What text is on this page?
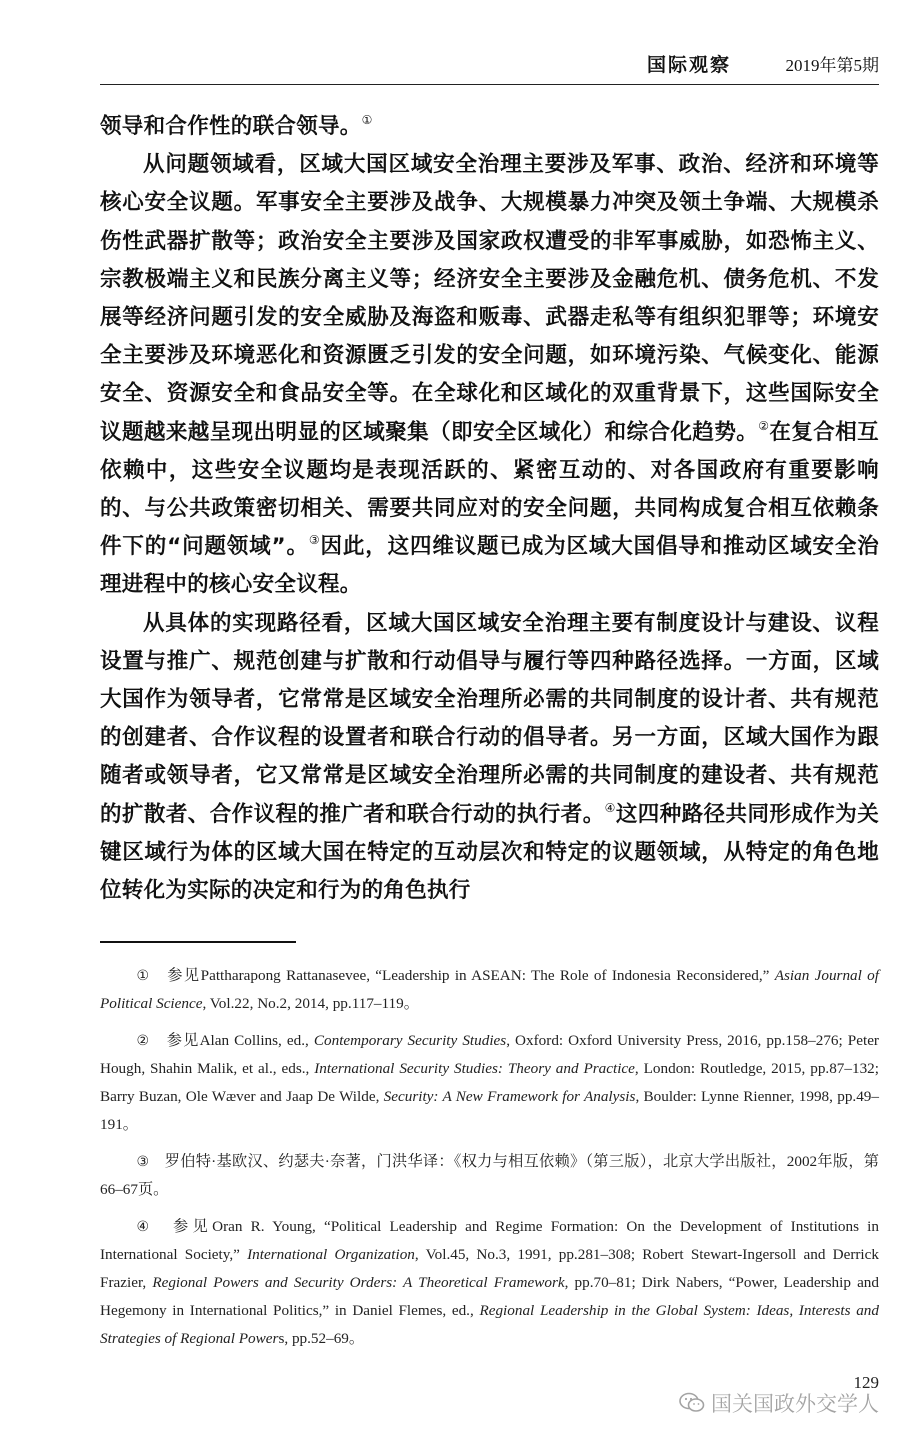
国际观察	2019年第5期

领导和合作性的联合领导。①

从问题领域看，区域大国区域安全治理主要涉及军事、政治、经济和环境等核心安全议题。军事安全主要涉及战争、大规模暴力冲突及领土争端、大规模杀伤性武器扩散等；政治安全主要涉及国家政权遭受的非军事威胁，如恐怖主义、宗教极端主义和民族分离主义等；经济安全主要涉及金融危机、债务危机、不发展等经济问题引发的安全威胁及海盗和贩毒、武器走私等有组织犯罪等；环境安全主要涉及环境恶化和资源匮乏引发的安全问题，如环境污染、气候变化、能源安全、资源安全和食品安全等。在全球化和区域化的双重背景下，这些国际安全议题越来越呈现出明显的区域聚集（即安全区域化）和综合化趋势。②在复合相互依赖中，这些安全议题均是表现活跃的、紧密互动的、对各国政府有重要影响的、与公共政策密切相关、需要共同应对的安全问题，共同构成复合相互依赖条件下的“问题领域”。③因此，这四维议题已成为区域大国倡导和推动区域安全治理进程中的核心安全议程。

从具体的实现路径看，区域大国区域安全治理主要有制度设计与建设、议程设置与推广、规范创建与扩散和行动倡导与履行等四种路径选择。一方面，区域大国作为领导者，它常常是区域安全治理所必需的共同制度的设计者、共有规范的创建者、合作议程的设置者和联合行动的倡导者。另一方面，区域大国作为跟随者或领导者，它又常常是区域安全治理所必需的共同制度的建设者、共有规范的扩散者、合作议程的推广者和联合行动的执行者。④这四种路径共同形成作为关键区域行为体的区域大国在特定的互动层次和特定的议题领域，从特定的角色地位转化为实际的决定和行为的角色执行

①　 参见Pattharapong Rattanasevee, “Leadership in ASEAN: The Role of Indonesia Reconsidered,” Asian Journal of Political Science, Vol.22, No.2, 2014, pp.117–119。

②　 参见Alan Collins, ed., Contemporary Security Studies, Oxford: Oxford University Press, 2016, pp.158–276; Peter Hough, Shahin Malik, et al., eds., International Security Studies: Theory and Practice, London: Routledge, 2015, pp.87–132; Barry Buzan, Ole Wæver and Jaap De Wilde, Security: A New Framework for Analysis, Boulder: Lynne Rienner, 1998, pp.49–191。

③　 罗伯特·基欧汉、约瑟夫·奈著，门洪华译：《权力与相互依赖》（第三版），北京大学出版社，2002年版，第66–67页。

④　 参见Oran R. Young, “Political Leadership and Regime Formation: On the Development of Institutions in International Society,” International Organization, Vol.45, No.3, 1991, pp.281–308; Robert Stewart-Ingersoll and Derrick Frazier, Regional Powers and Security Orders: A Theoretical Framework, pp.70–81; Dirk Nabers, “Power, Leadership and Hegemony in International Politics,” in Daniel Flemes, ed., Regional Leadership in the Global System: Ideas, Interests and Strategies of Regional Powers, pp.52–69。

129
国关国政外交学人
